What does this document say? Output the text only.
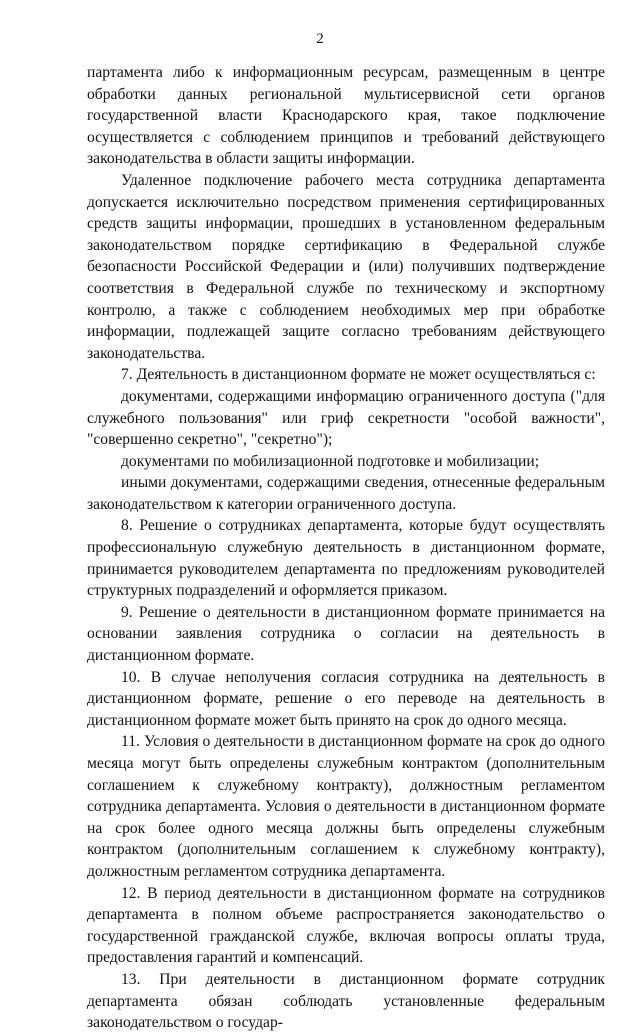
2

партамента либо к информационным ресурсам, размещенным в центре обработки данных региональной мультисервисной сети органов государственной власти Краснодарского края, такое подключение осуществляется с соблюдением принципов и требований действующего законодательства в области защиты информации.

Удаленное подключение рабочего места сотрудника департамента допускается исключительно посредством применения сертифицированных средств защиты информации, прошедших в установленном федеральным законодательством порядке сертификацию в Федеральной службе безопасности Российской Федерации и (или) получивших подтверждение соответствия в Федеральной службе по техническому и экспортному контролю, а также с соблюдением необходимых мер при обработке информации, подлежащей защите согласно требованиям действующего законодательства.

7. Деятельность в дистанционном формате не может осуществляться с:

документами, содержащими информацию ограниченного доступа ("для служебного пользования" или гриф секретности "особой важности", "совершенно секретно", "секретно");

документами по мобилизационной подготовке и мобилизации;

иными документами, содержащими сведения, отнесенные федеральным законодательством к категории ограниченного доступа.

8. Решение о сотрудниках департамента, которые будут осуществлять профессиональную служебную деятельность в дистанционном формате, принимается руководителем департамента по предложениям руководителей структурных подразделений и оформляется приказом.

9. Решение о деятельности в дистанционном формате принимается на основании заявления сотрудника о согласии на деятельность в дистанционном формате.

10. В случае неполучения согласия сотрудника на деятельность в дистанционном формате, решение о его переводе на деятельность в дистанционном формате может быть принято на срок до одного месяца.

11. Условия о деятельности в дистанционном формате на срок до одного месяца могут быть определены служебным контрактом (дополнительным соглашением к служебному контракту), должностным регламентом сотрудника департамента. Условия о деятельности в дистанционном формате на срок более одного месяца должны быть определены служебным контрактом (дополнительным соглашением к служебному контракту), должностным регламентом сотрудника департамента.

12. В период деятельности в дистанционном формате на сотрудников департамента в полном объеме распространяется законодательство о государственной гражданской службе, включая вопросы оплаты труда, предоставления гарантий и компенсаций.

13. При деятельности в дистанционном формате сотрудник департамента обязан соблюдать установленные федеральным законодательством о государ-
